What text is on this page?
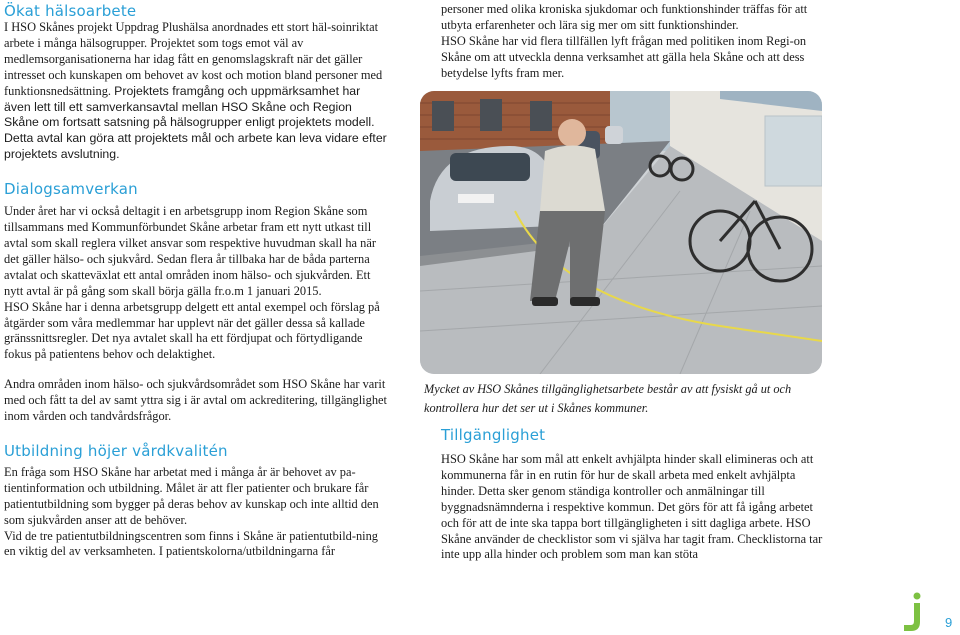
Ökat hälsoarbete

I HSO Skånes projekt Uppdrag Plushälsa anordnades ett stort häl-soinriktat arbete i många hälsogrupper. Projektet som togs emot väl av medlemsorganisationerna har idag fått en genomslagskraft när det gäller intresset och kunskapen om behovet av kost och motion bland personer med funktionsnedsättning. Projektets framgång och uppmärksamhet har även lett till ett samverkansavtal mellan HSO Skåne och Region Skåne om fortsatt satsning på hälsogrupper enligt projektets modell. Detta avtal kan göra att projektets mål och arbete kan leva vidare efter projektets avslutning.

Dialogsamverkan

Under året har vi också deltagit i en arbetsgrupp inom Region Skåne som tillsammans med Kommunförbundet Skåne arbetar fram ett nytt utkast till avtal som skall reglera vilket ansvar som respektive huvudman skall ha när det gäller hälso- och sjukvård. Sedan flera år tillbaka har de båda parterna avtalat och skatteväxlat ett antal områden inom hälso- och sjukvården. Ett nytt avtal är på gång som skall börja gälla fr.o.m 1 januari 2015.

HSO Skåne har i denna arbetsgrupp delgett ett antal exempel och förslag på åtgärder som våra medlemmar har upplevt när det gäller dessa så kallade gränssnittsregler. Det nya avtalet skall ha ett fördjupat och förtydligande fokus på patientens behov och delaktighet.

Andra områden inom hälso- och sjukvårdsområdet som HSO Skåne har varit med och fått ta del av samt yttra sig i är avtal om ackreditering, tillgänglighet inom vården och tandvårdsfrågor.

Utbildning höjer vårdkvalitén

En fråga som HSO Skåne har arbetat med i många år är behovet av pa-tientinformation och utbildning. Målet är att fler patienter och brukare får patientutbildning som bygger på deras behov av kunskap och inte alltid den som sjukvården anser att de behöver.

Vid de tre patientutbildningscentren som finns i Skåne är patientutbild-ning en viktig del av verksamheten. I patientskolorna/utbildningarna får

personer med olika kroniska sjukdomar och funktionshinder träffas för att utbyta erfarenheter och lära sig mer om sitt funktionshinder.

HSO Skåne har vid flera tillfällen lyft frågan med politiken inom Regi-on Skåne om att utveckla denna verksamhet att gälla hela Skåne och att dess betydelse lyfts fram mer.

Mycket av HSO Skånes tillgänglighetsarbete består av att fysiskt gå ut och kontrollera hur det ser ut i Skånes kommuner.
Tillgänglighet

HSO Skåne har som mål att enkelt avhjälpta hinder skall elimineras och att kommunerna får in en rutin för hur de skall arbeta med enkelt avhjälpta hinder. Detta sker genom ständiga kontroller och anmälningar till byggnadsnämnderna i respektive kommun. Det görs för att få igång arbetet och för att de inte ska tappa bort tillgängligheten i sitt dagliga arbete. HSO Skåne använder de checklistor som vi själva har tagit fram. Checklistorna tar inte upp alla hinder och problem som man kan stöta

9
